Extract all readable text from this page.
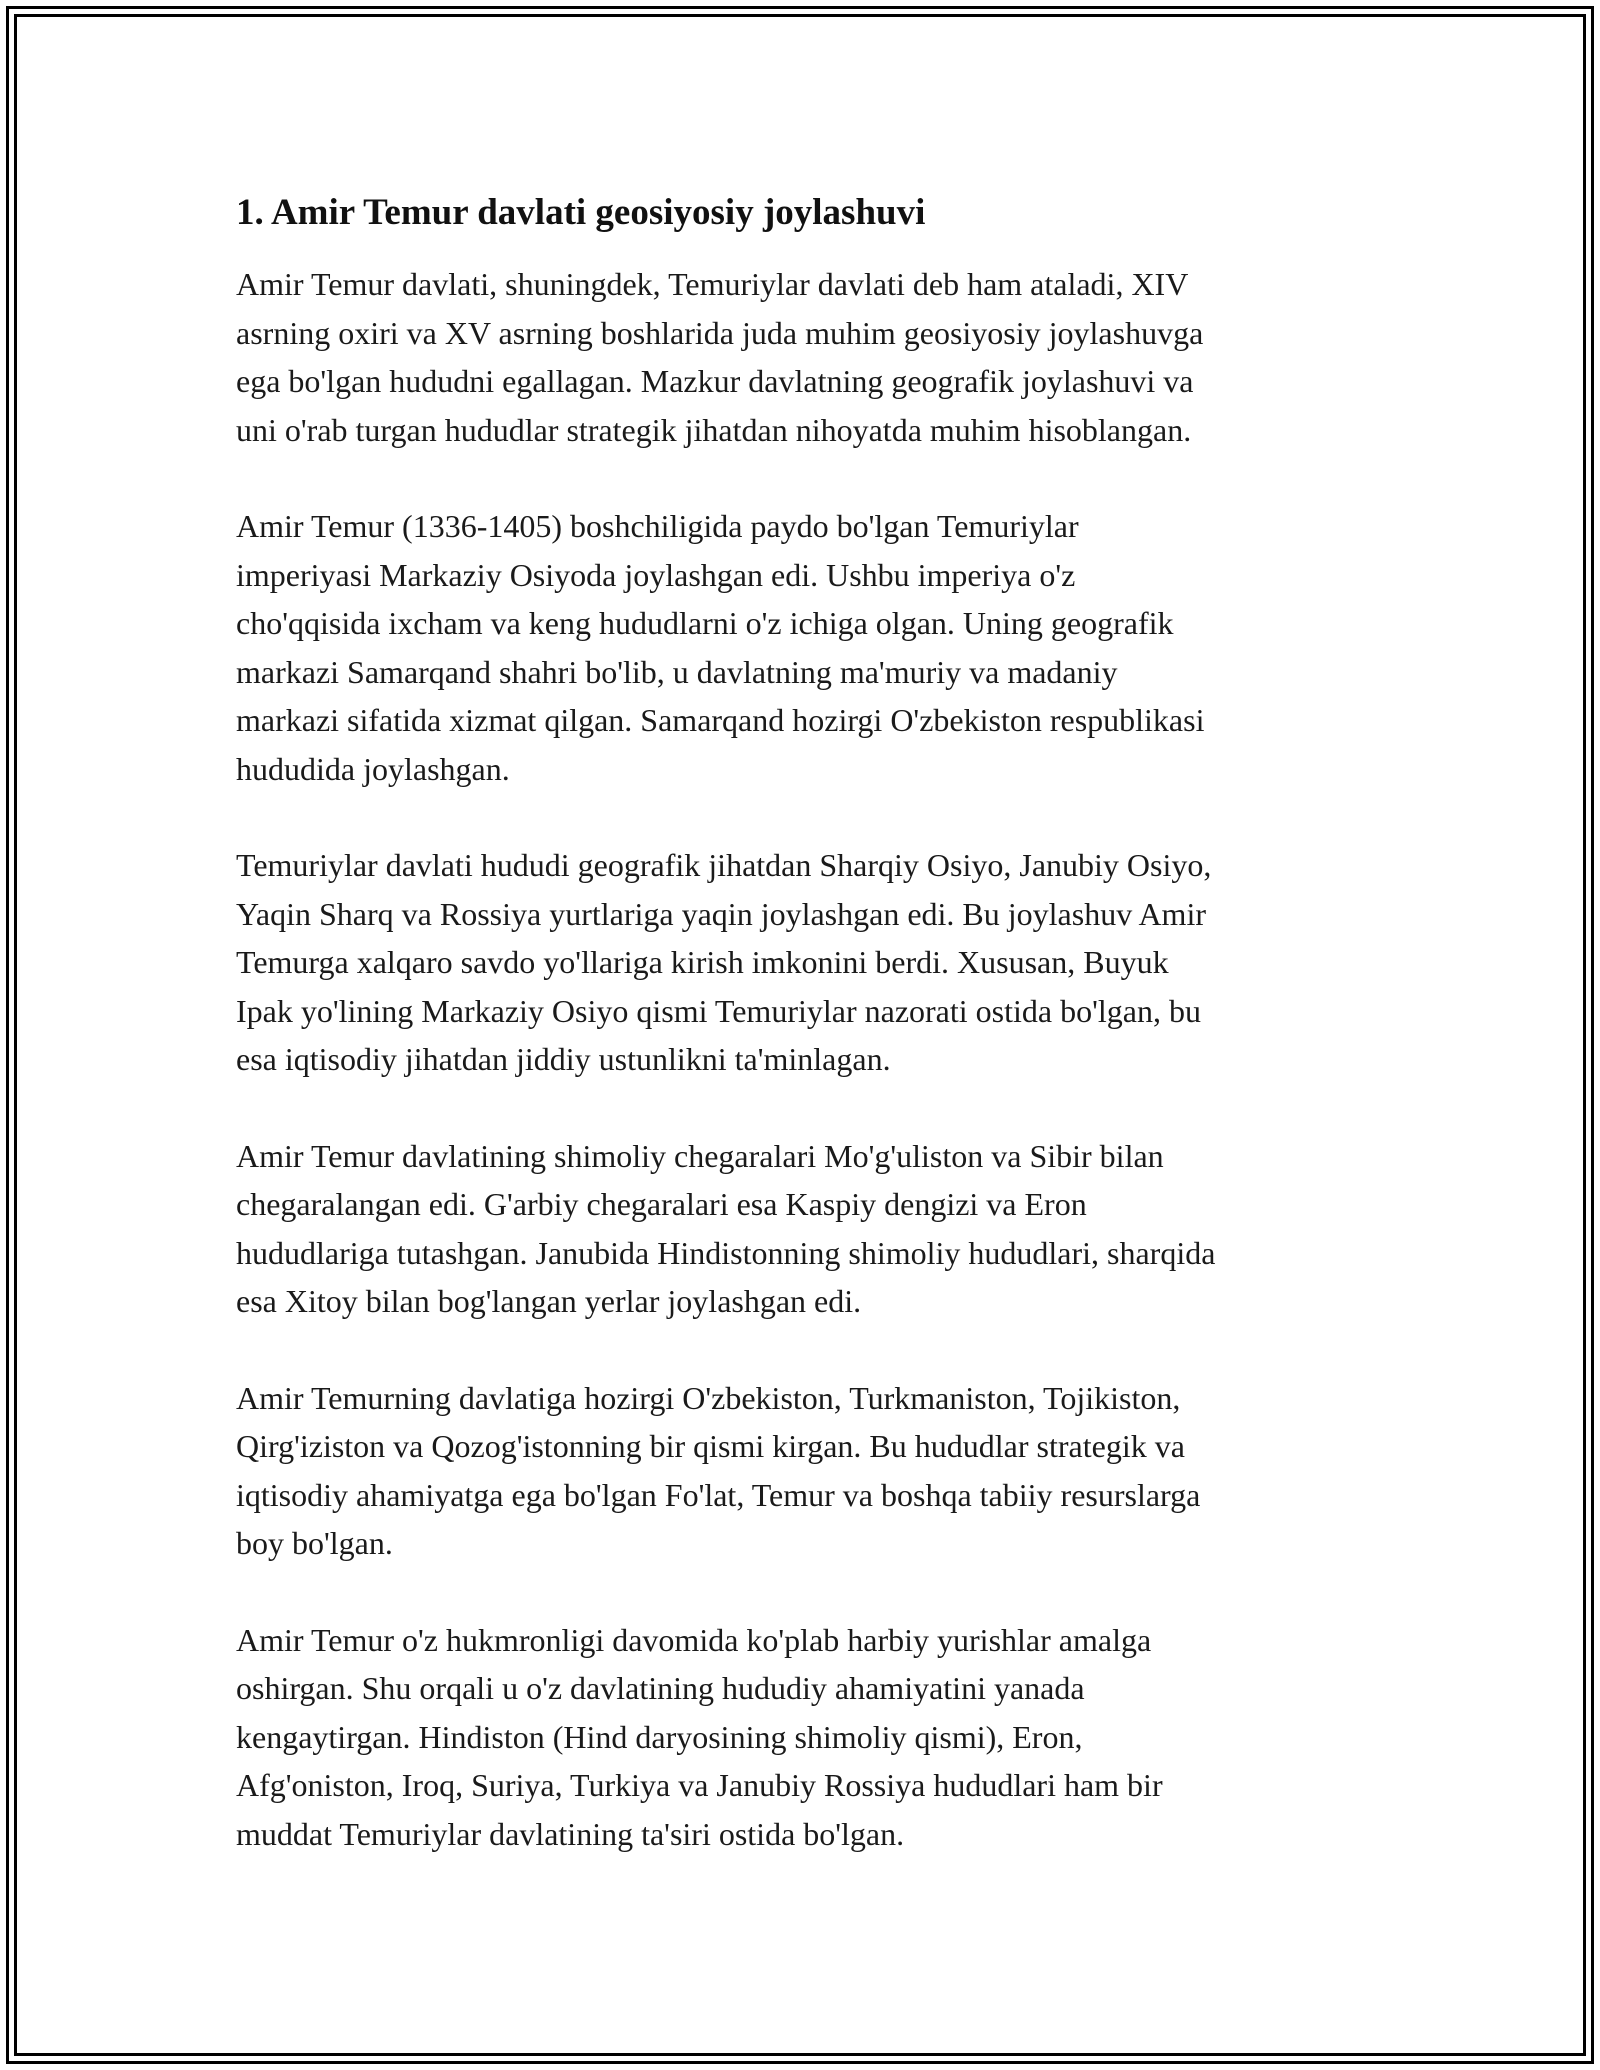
1. Amir Temur davlati geosiyosiy joylashuvi

Amir Temur davlati, shuningdek, Temuriylar davlati deb ham ataladi, XIV
asrning oxiri va XV asrning boshlarida juda muhim geosiyosiy joylashuvga
ega bo'lgan hududni egallagan. Mazkur davlatning geografik joylashuvi va
uni o'rab turgan hududlar strategik jihatdan nihoyatda muhim hisoblangan.

Amir Temur (1336-1405) boshchiligida paydo bo'lgan Temuriylar
imperiyasi Markaziy Osiyoda joylashgan edi. Ushbu imperiya o'z
cho'qqisida ixcham va keng hududlarni o'z ichiga olgan. Uning geografik
markazi Samarqand shahri bo'lib, u davlatning ma'muriy va madaniy
markazi sifatida xizmat qilgan. Samarqand hozirgi O'zbekiston respublikasi
hududida joylashgan.

Temuriylar davlati hududi geografik jihatdan Sharqiy Osiyo, Janubiy Osiyo,
Yaqin Sharq va Rossiya yurtlariga yaqin joylashgan edi. Bu joylashuv Amir
Temurga xalqaro savdo yo'llariga kirish imkonini berdi. Xususan, Buyuk
Ipak yo'lining Markaziy Osiyo qismi Temuriylar nazorati ostida bo'lgan, bu
esa iqtisodiy jihatdan jiddiy ustunlikni ta'minlagan.

Amir Temur davlatining shimoliy chegaralari Mo'g'uliston va Sibir bilan
chegaralangan edi. G'arbiy chegaralari esa Kaspiy dengizi va Eron
hududlariga tutashgan. Janubida Hindistonning shimoliy hududlari, sharqida
esa Xitoy bilan bog'langan yerlar joylashgan edi.

Amir Temurning davlatiga hozirgi O'zbekiston, Turkmaniston, Tojikiston,
Qirg'iziston va Qozog'istonning bir qismi kirgan. Bu hududlar strategik va
iqtisodiy ahamiyatga ega bo'lgan Fo'lat, Temur va boshqa tabiiy resurslarga
boy bo'lgan.

Amir Temur o'z hukmronligi davomida ko'plab harbiy yurishlar amalga
oshirgan. Shu orqali u o'z davlatining hududiy ahamiyatini yanada
kengaytirgan. Hindiston (Hind daryosining shimoliy qismi), Eron,
Afg'oniston, Iroq, Suriya, Turkiya va Janubiy Rossiya hududlari ham bir
muddat Temuriylar davlatining ta'siri ostida bo'lgan.
